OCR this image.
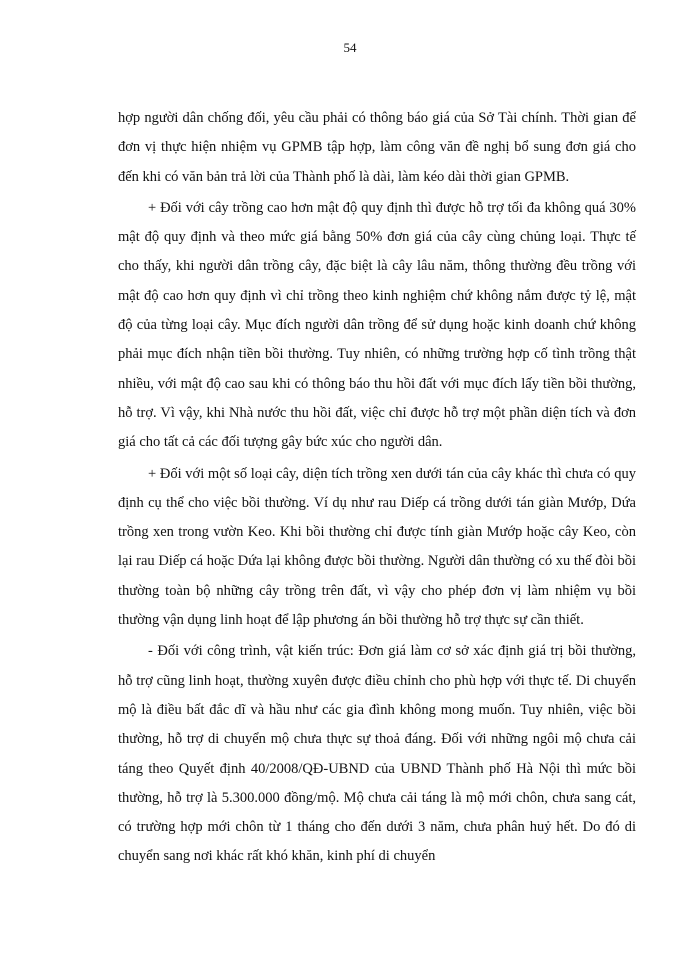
54

hợp người dân chống đối, yêu cầu phải có thông báo giá của Sở Tài chính. Thời gian để đơn vị thực hiện nhiệm vụ GPMB tập hợp, làm công văn đề nghị bổ sung đơn giá cho đến khi có văn bản trả lời của Thành phố là dài, làm kéo dài thời gian GPMB.

+ Đối với cây trồng cao hơn mật độ quy định thì được hỗ trợ tối đa không quá 30% mật độ quy định và theo mức giá bằng 50% đơn giá của cây cùng chủng loại. Thực tế cho thấy, khi người dân trồng cây, đặc biệt là cây lâu năm, thông thường đều trồng với mật độ cao hơn quy định vì chỉ trồng theo kinh nghiệm chứ không nắm được tỷ lệ, mật độ của từng loại cây. Mục đích người dân trồng để sử dụng hoặc kinh doanh chứ không phải mục đích nhận tiền bồi thường. Tuy nhiên, có những trường hợp cố tình trồng thật nhiều, với mật độ cao sau khi có thông báo thu hồi đất với mục đích lấy tiền bồi thường, hỗ trợ. Vì vậy, khi Nhà nước thu hồi đất, việc chỉ được hỗ trợ một phần diện tích và đơn giá cho tất cả các đối tượng gây bức xúc cho người dân.

+ Đối với một số loại cây, diện tích trồng xen dưới tán của cây khác thì chưa có quy định cụ thể cho việc bồi thường. Ví dụ như rau Diếp cá trồng dưới tán giàn Mướp, Dứa trồng xen trong vườn Keo. Khi bồi thường chỉ được tính giàn Mướp hoặc cây Keo, còn lại rau Diếp cá hoặc Dứa lại không được bồi thường. Người dân thường có xu thế đòi bồi thường toàn bộ những cây trồng trên đất, vì vậy cho phép đơn vị làm nhiệm vụ bồi thường vận dụng linh hoạt để lập phương án bồi thường hỗ trợ thực sự cần thiết.

- Đối với công trình, vật kiến trúc: Đơn giá làm cơ sở xác định giá trị bồi thường, hỗ trợ cũng linh hoạt, thường xuyên được điều chỉnh cho phù hợp với thực tế. Di chuyển mộ là điều bất đắc dĩ và hầu như các gia đình không mong muốn. Tuy nhiên, việc bồi thường, hỗ trợ di chuyển mộ chưa thực sự thoả đáng. Đối với những ngôi mộ chưa cải táng theo Quyết định 40/2008/QĐ-UBND của UBND Thành phố Hà Nội thì mức bồi thường, hỗ trợ là 5.300.000 đồng/mộ. Mộ chưa cải táng là mộ mới chôn, chưa sang cát, có trường hợp mới chôn từ 1 tháng cho đến dưới 3 năm, chưa phân huỷ hết. Do đó di chuyển sang nơi khác rất khó khăn, kinh phí di chuyển
